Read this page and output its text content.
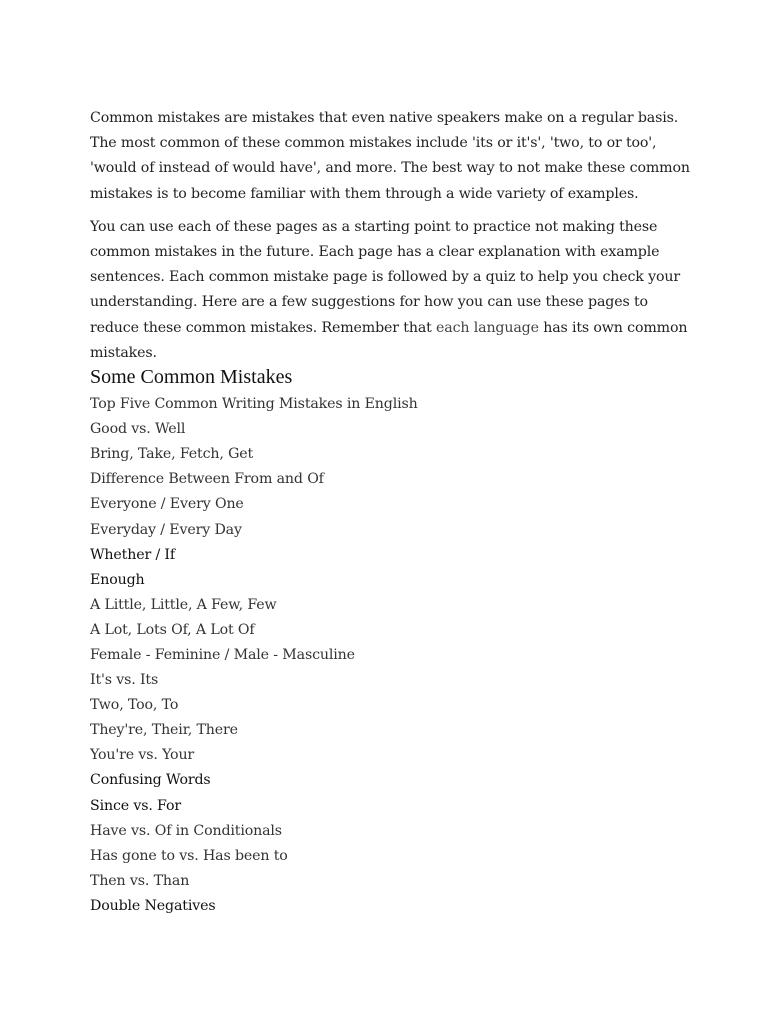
Common mistakes are mistakes that even native speakers make on a regular basis. The most common of these common mistakes include 'its or it's', 'two, to or too', 'would of instead of would have', and more. The best way to not make these common mistakes is to become familiar with them through a wide variety of examples.

You can use each of these pages as a starting point to practice not making these common mistakes in the future. Each page has a clear explanation with example sentences. Each common mistake page is followed by a quiz to help you check your understanding. Here are a few suggestions for how you can use these pages to reduce these common mistakes. Remember that each language has its own common mistakes.

Some Common Mistakes
Top Five Common Writing Mistakes in English
Good vs. Well
Bring, Take, Fetch, Get
Difference Between From and Of
Everyone / Every One
Everyday / Every Day
Whether / If
Enough
A Little, Little, A Few, Few
A Lot, Lots Of, A Lot Of
Female - Feminine / Male - Masculine
It's vs. Its
Two, Too, To
They're, Their, There
You're vs. Your
Confusing Words
Since vs. For
Have vs. Of in Conditionals
Has gone to vs. Has been to
Then vs. Than
Double Negatives
